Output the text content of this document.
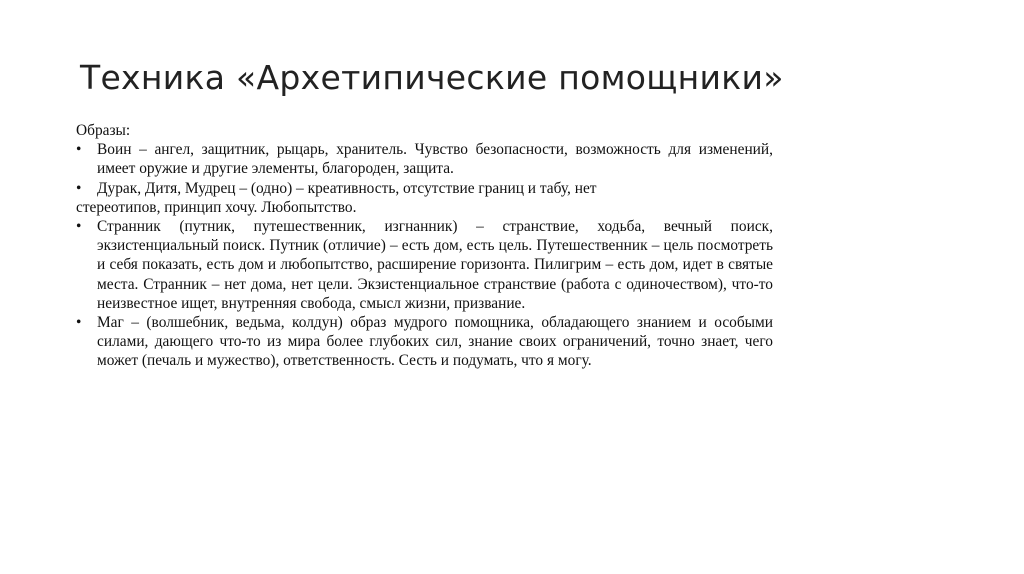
Техника «Архетипические помощники»

Образы:

•	Воин – ангел, защитник, рыцарь, хранитель. Чувство безопасности, возможность для изменений, имеет оружие и другие элементы, благороден, защита.
•	Дурак, Дитя, Мудрец – (одно) – креативность, отсутствие границ и табу, нет

стереотипов, принцип хочу. Любопытство.

•	Странник (путник, путешественник, изгнанник) – странствие, ходьба, вечный поиск, экзистенциальный поиск. Путник (отличие) – есть дом, есть цель. Путешественник – цель посмотреть и себя показать, есть дом и любопытство, расширение горизонта. Пилигрим – есть дом, идет в святые места. Странник – нет дома, нет цели. Экзистенциальное странствие (работа с одиночеством), что-то неизвестное ищет, внутренняя свобода, смысл жизни, призвание.
•	Маг – (волшебник, ведьма, колдун) образ мудрого помощника, обладающего знанием и особыми силами, дающего что-то из мира более глубоких сил, знание своих ограничений, точно знает, чего может (печаль и мужество), ответственность. Сесть и подумать, что я могу.
